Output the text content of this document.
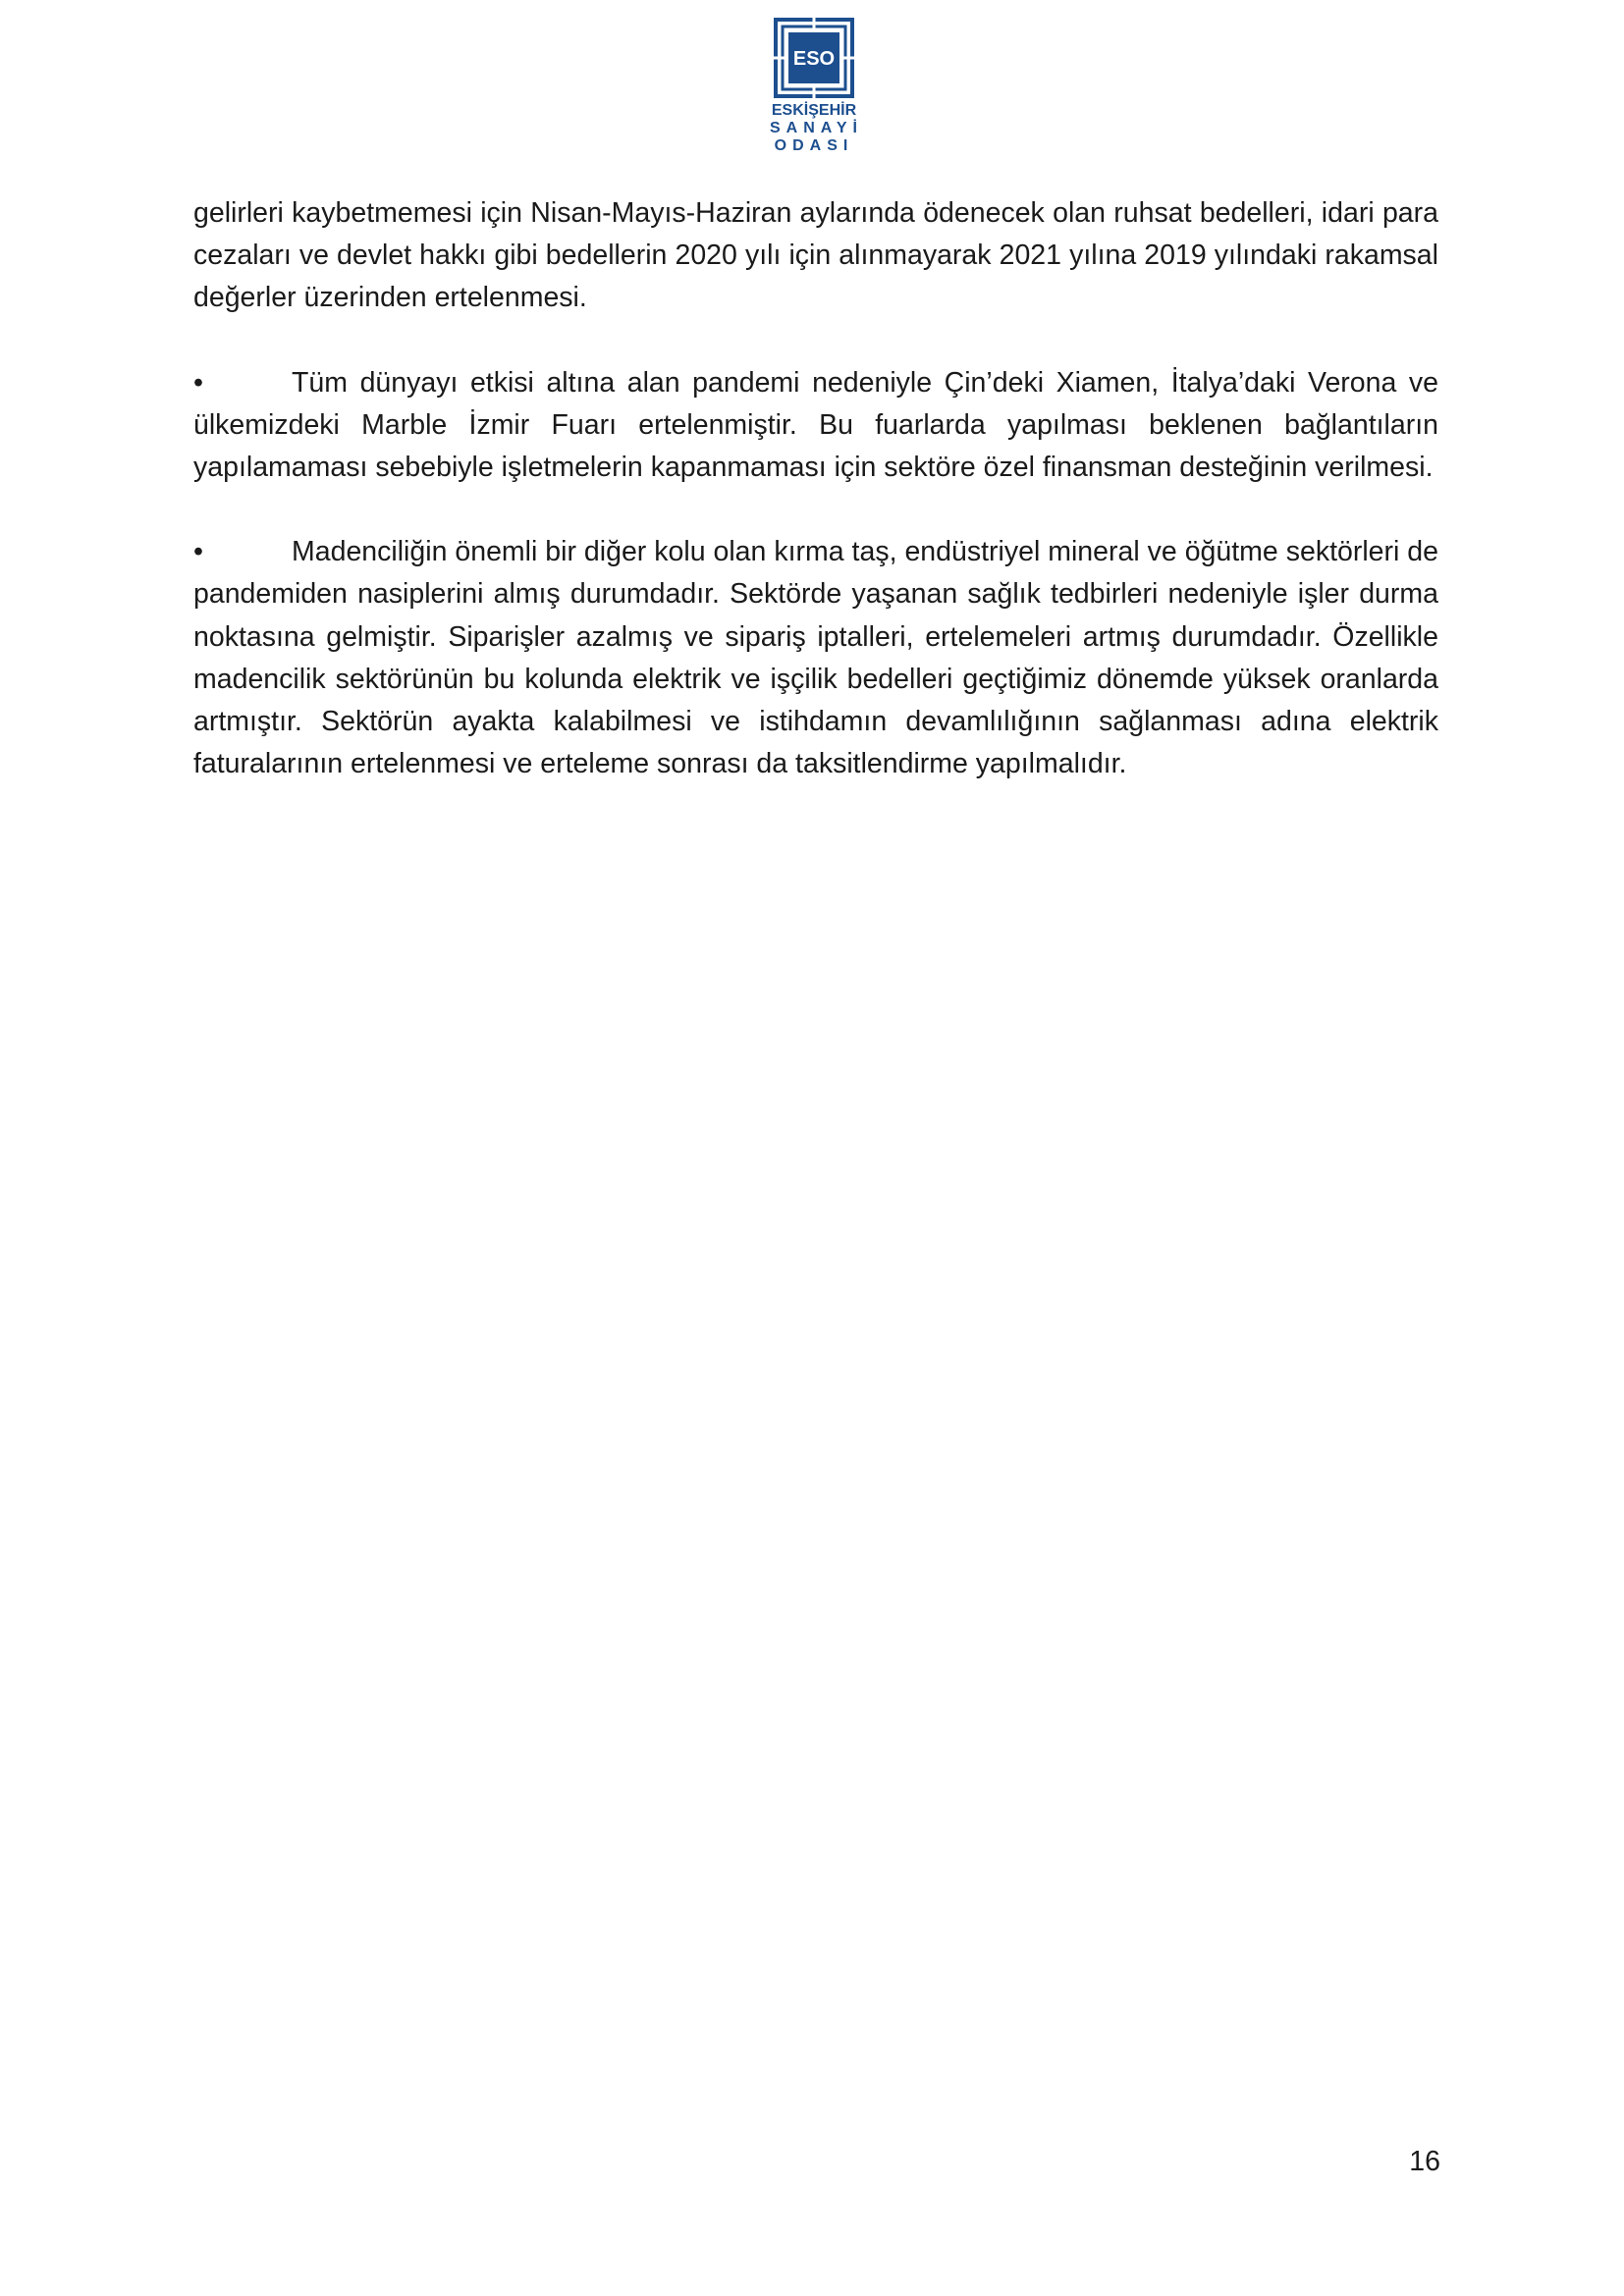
ESO
ESKİŞEHİR
SANAYİ
ODASI

gelirleri kaybetmemesi için Nisan-Mayıs-Haziran aylarında ödenecek olan ruhsat bedelleri, idari para cezaları ve devlet hakkı gibi bedellerin 2020 yılı için alınmayarak 2021 yılına 2019 yılındaki rakamsal değerler üzerinden ertelenmesi.

•	Tüm dünyayı etkisi altına alan pandemi nedeniyle Çin’deki Xiamen, İtalya’daki Verona ve ülkemizdeki Marble İzmir Fuarı ertelenmiştir. Bu fuarlarda yapılması beklenen bağlantıların yapılamaması sebebiyle işletmelerin kapanmaması için sektöre özel finansman desteğinin verilmesi.

•	Madenciliğin önemli bir diğer kolu olan kırma taş, endüstriyel mineral ve öğütme sektörleri de pandemiden nasiplerini almış durumdadır. Sektörde yaşanan sağlık tedbirleri nedeniyle işler durma noktasına gelmiştir. Siparişler azalmış ve sipariş iptalleri, ertelemeleri artmış durumdadır. Özellikle madencilik sektörünün bu kolunda elektrik ve işçilik bedelleri geçtiğimiz dönemde yüksek oranlarda artmıştır. Sektörün ayakta kalabilmesi ve istihdamın devamlılığının sağlanması adına elektrik faturalarının ertelenmesi ve erteleme sonrası da taksitlendirme yapılmalıdır.

16
